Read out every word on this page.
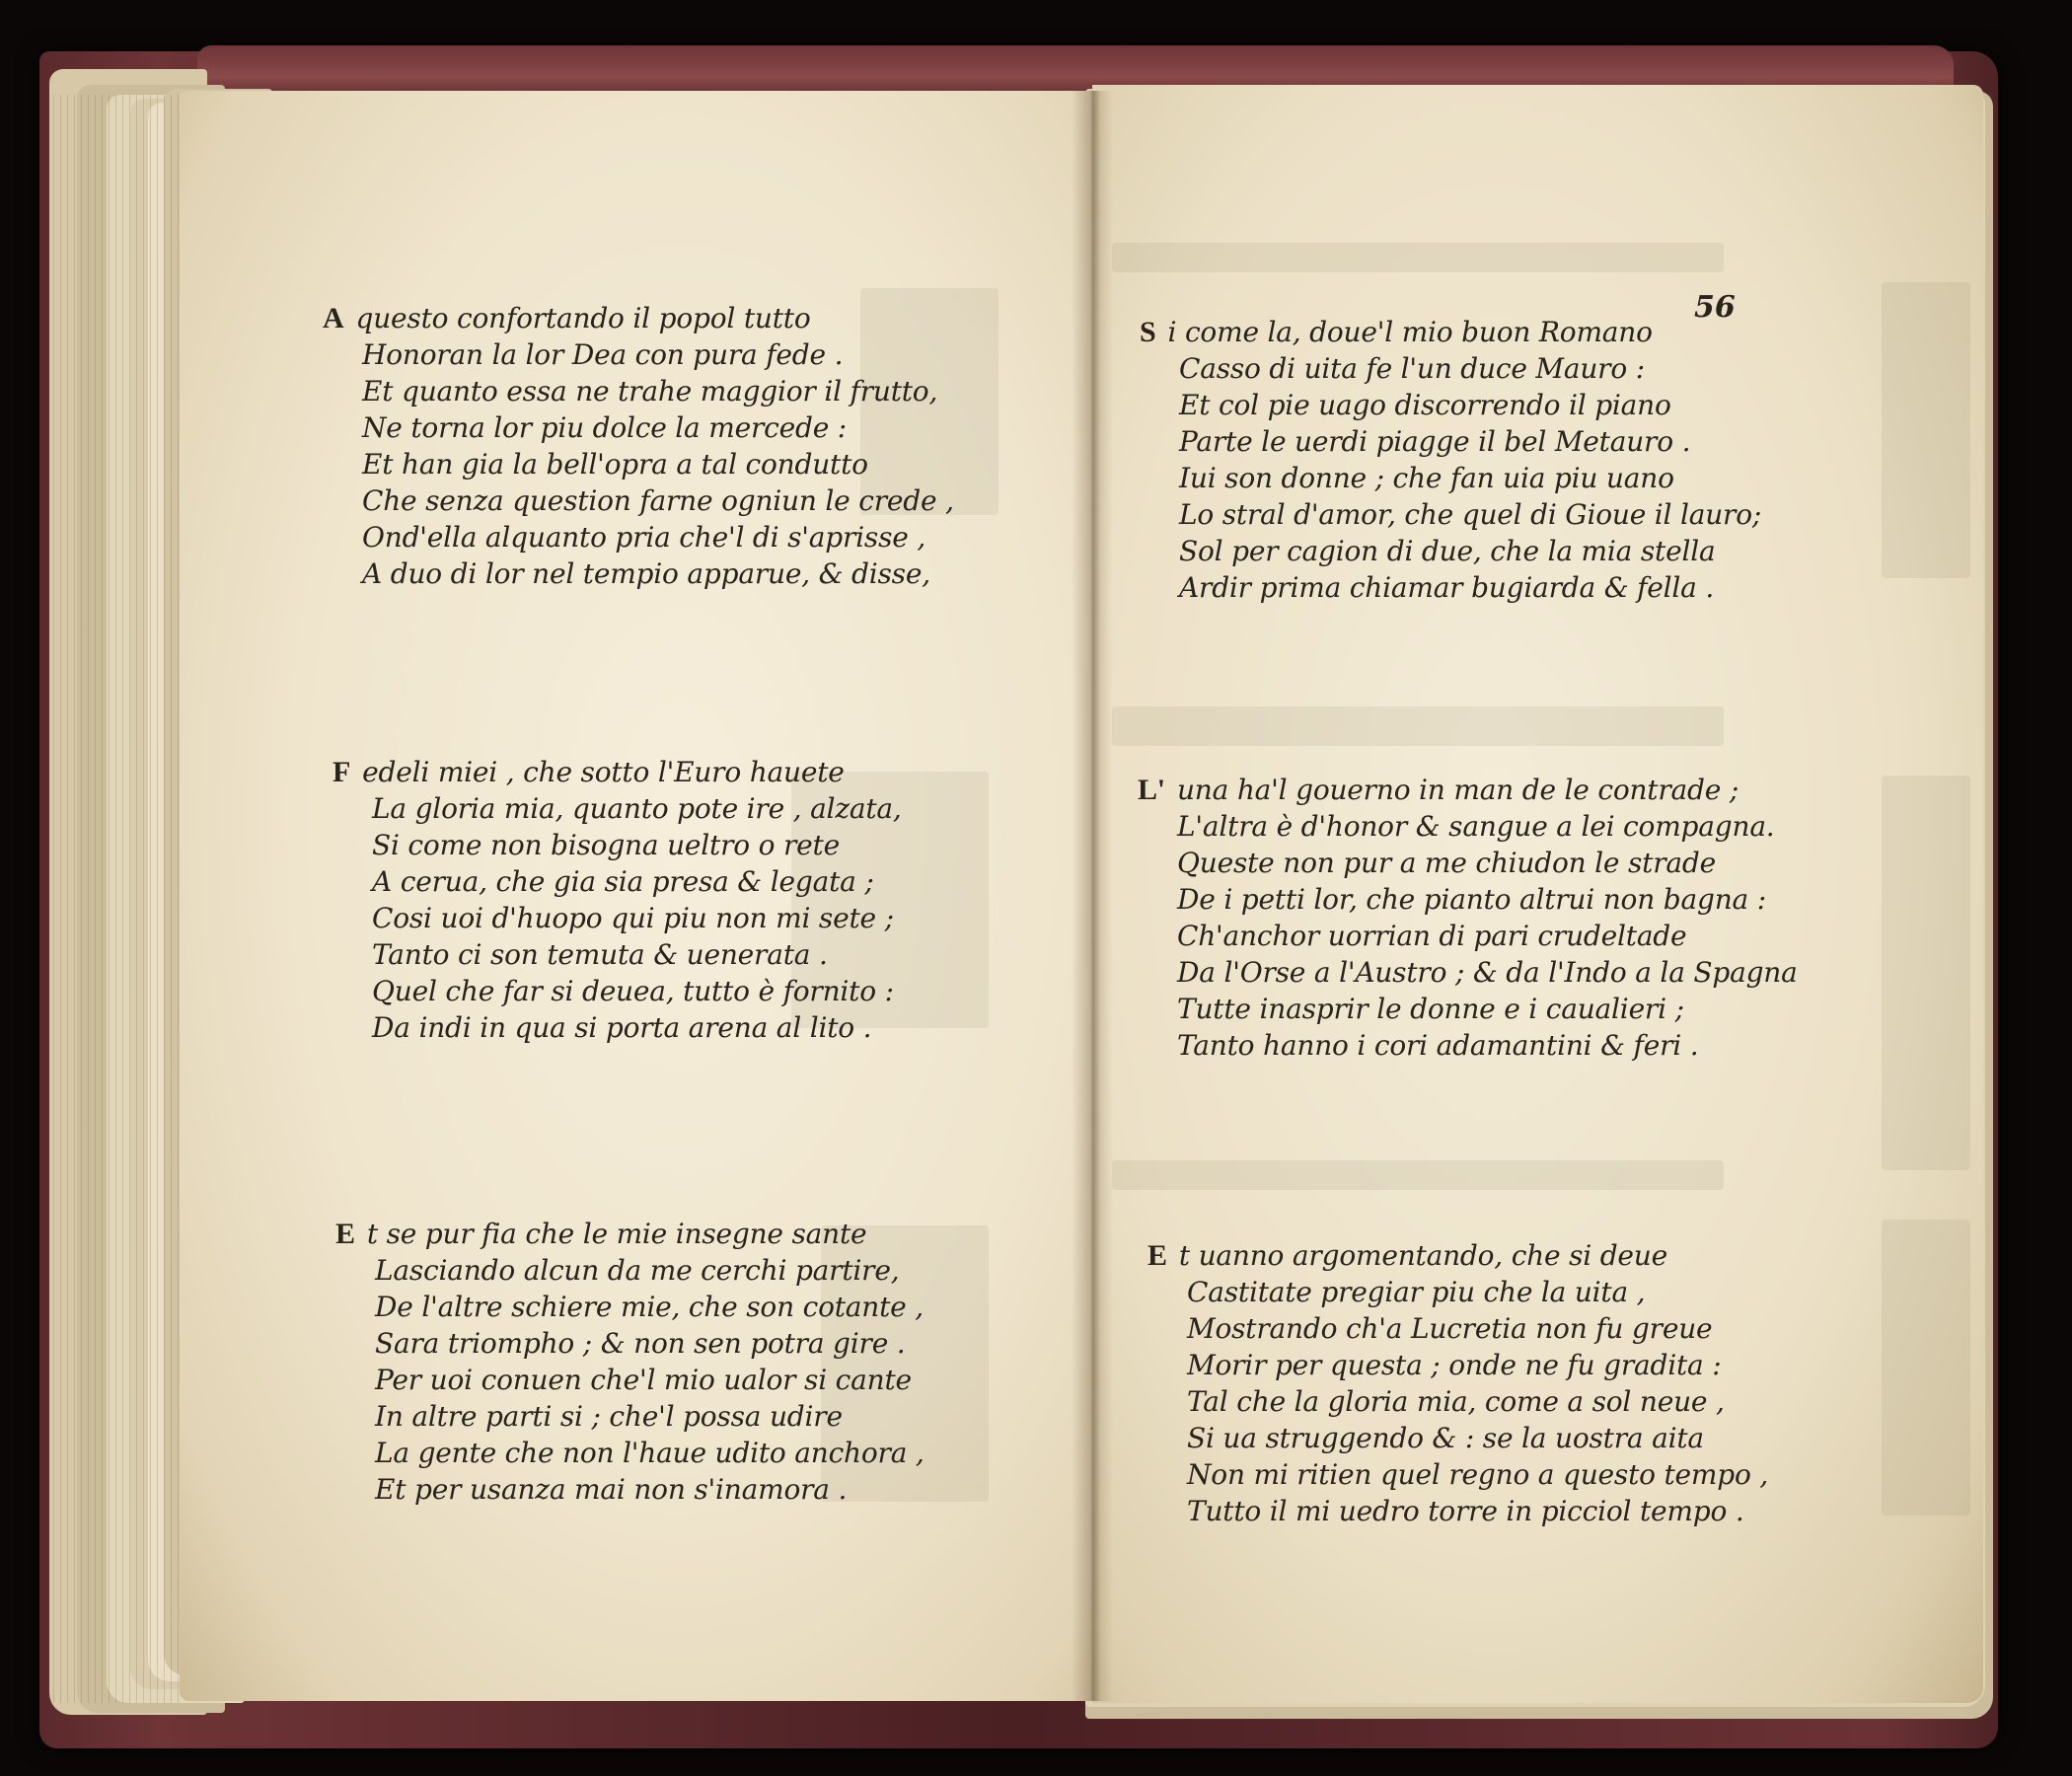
A questo confortando il popol tutto
Honoran la lor Dea con pura fede .
Et quanto essa ne trahe maggior il frutto,
Ne torna lor piu dolce la mercede :
Et han gia la bell'opra a tal condutto
Che senza question farne ogniun le crede ,
Ond'ella alquanto pria che'l di s'aprisse ,
A duo di lor nel tempio apparue, & disse,
F edeli miei , che sotto l'Euro hauete
La gloria mia, quanto pote ire , alzata,
Si come non bisogna ueltro o rete
A cerua, che gia sia presa & legata ;
Cosi uoi d'huopo qui piu non mi sete ;
Tanto ci son temuta & uenerata .
Quel che far si deuea, tutto è fornito :
Da indi in qua si porta arena al lito .
E t se pur fia che le mie insegne sante
Lasciando alcun da me cerchi partire,
De l'altre schiere mie, che son cotante ,
Sara triompho ; & non sen potra gire .
Per uoi conuen che'l mio ualor si cante
In altre parti si ; che'l possa udire
La gente che non l'haue udito anchora ,
Et per usanza mai non s'inamora .
56
S i come la, doue'l mio buon Romano
Casso di uita fe l'un duce Mauro :
Et col pie uago discorrendo il piano
Parte le uerdi piagge il bel Metauro .
Iui son donne ; che fan uia piu uano
Lo stral d'amor, che quel di Gioue il lauro;
Sol per cagion di due, che la mia stella
Ardir prima chiamar bugiarda & fella .
L' una ha'l gouerno in man de le contrade ;
L'altra è d'honor & sangue a lei compagna.
Queste non pur a me chiudon le strade
De i petti lor, che pianto altrui non bagna :
Ch'anchor uorrian di pari crudeltade
Da l'Orse a l'Austro ; & da l'Indo a la Spagna
Tutte inasprir le donne e i caualieri ;
Tanto hanno i cori adamantini & feri .
E t uanno argomentando, che si deue
Castitate pregiar piu che la uita ,
Mostrando ch'a Lucretia non fu greue
Morir per questa ; onde ne fu gradita :
Tal che la gloria mia, come a sol neue ,
Si ua struggendo & : se la uostra aita
Non mi ritien quel regno a questo tempo ,
Tutto il mi uedro torre in picciol tempo .
